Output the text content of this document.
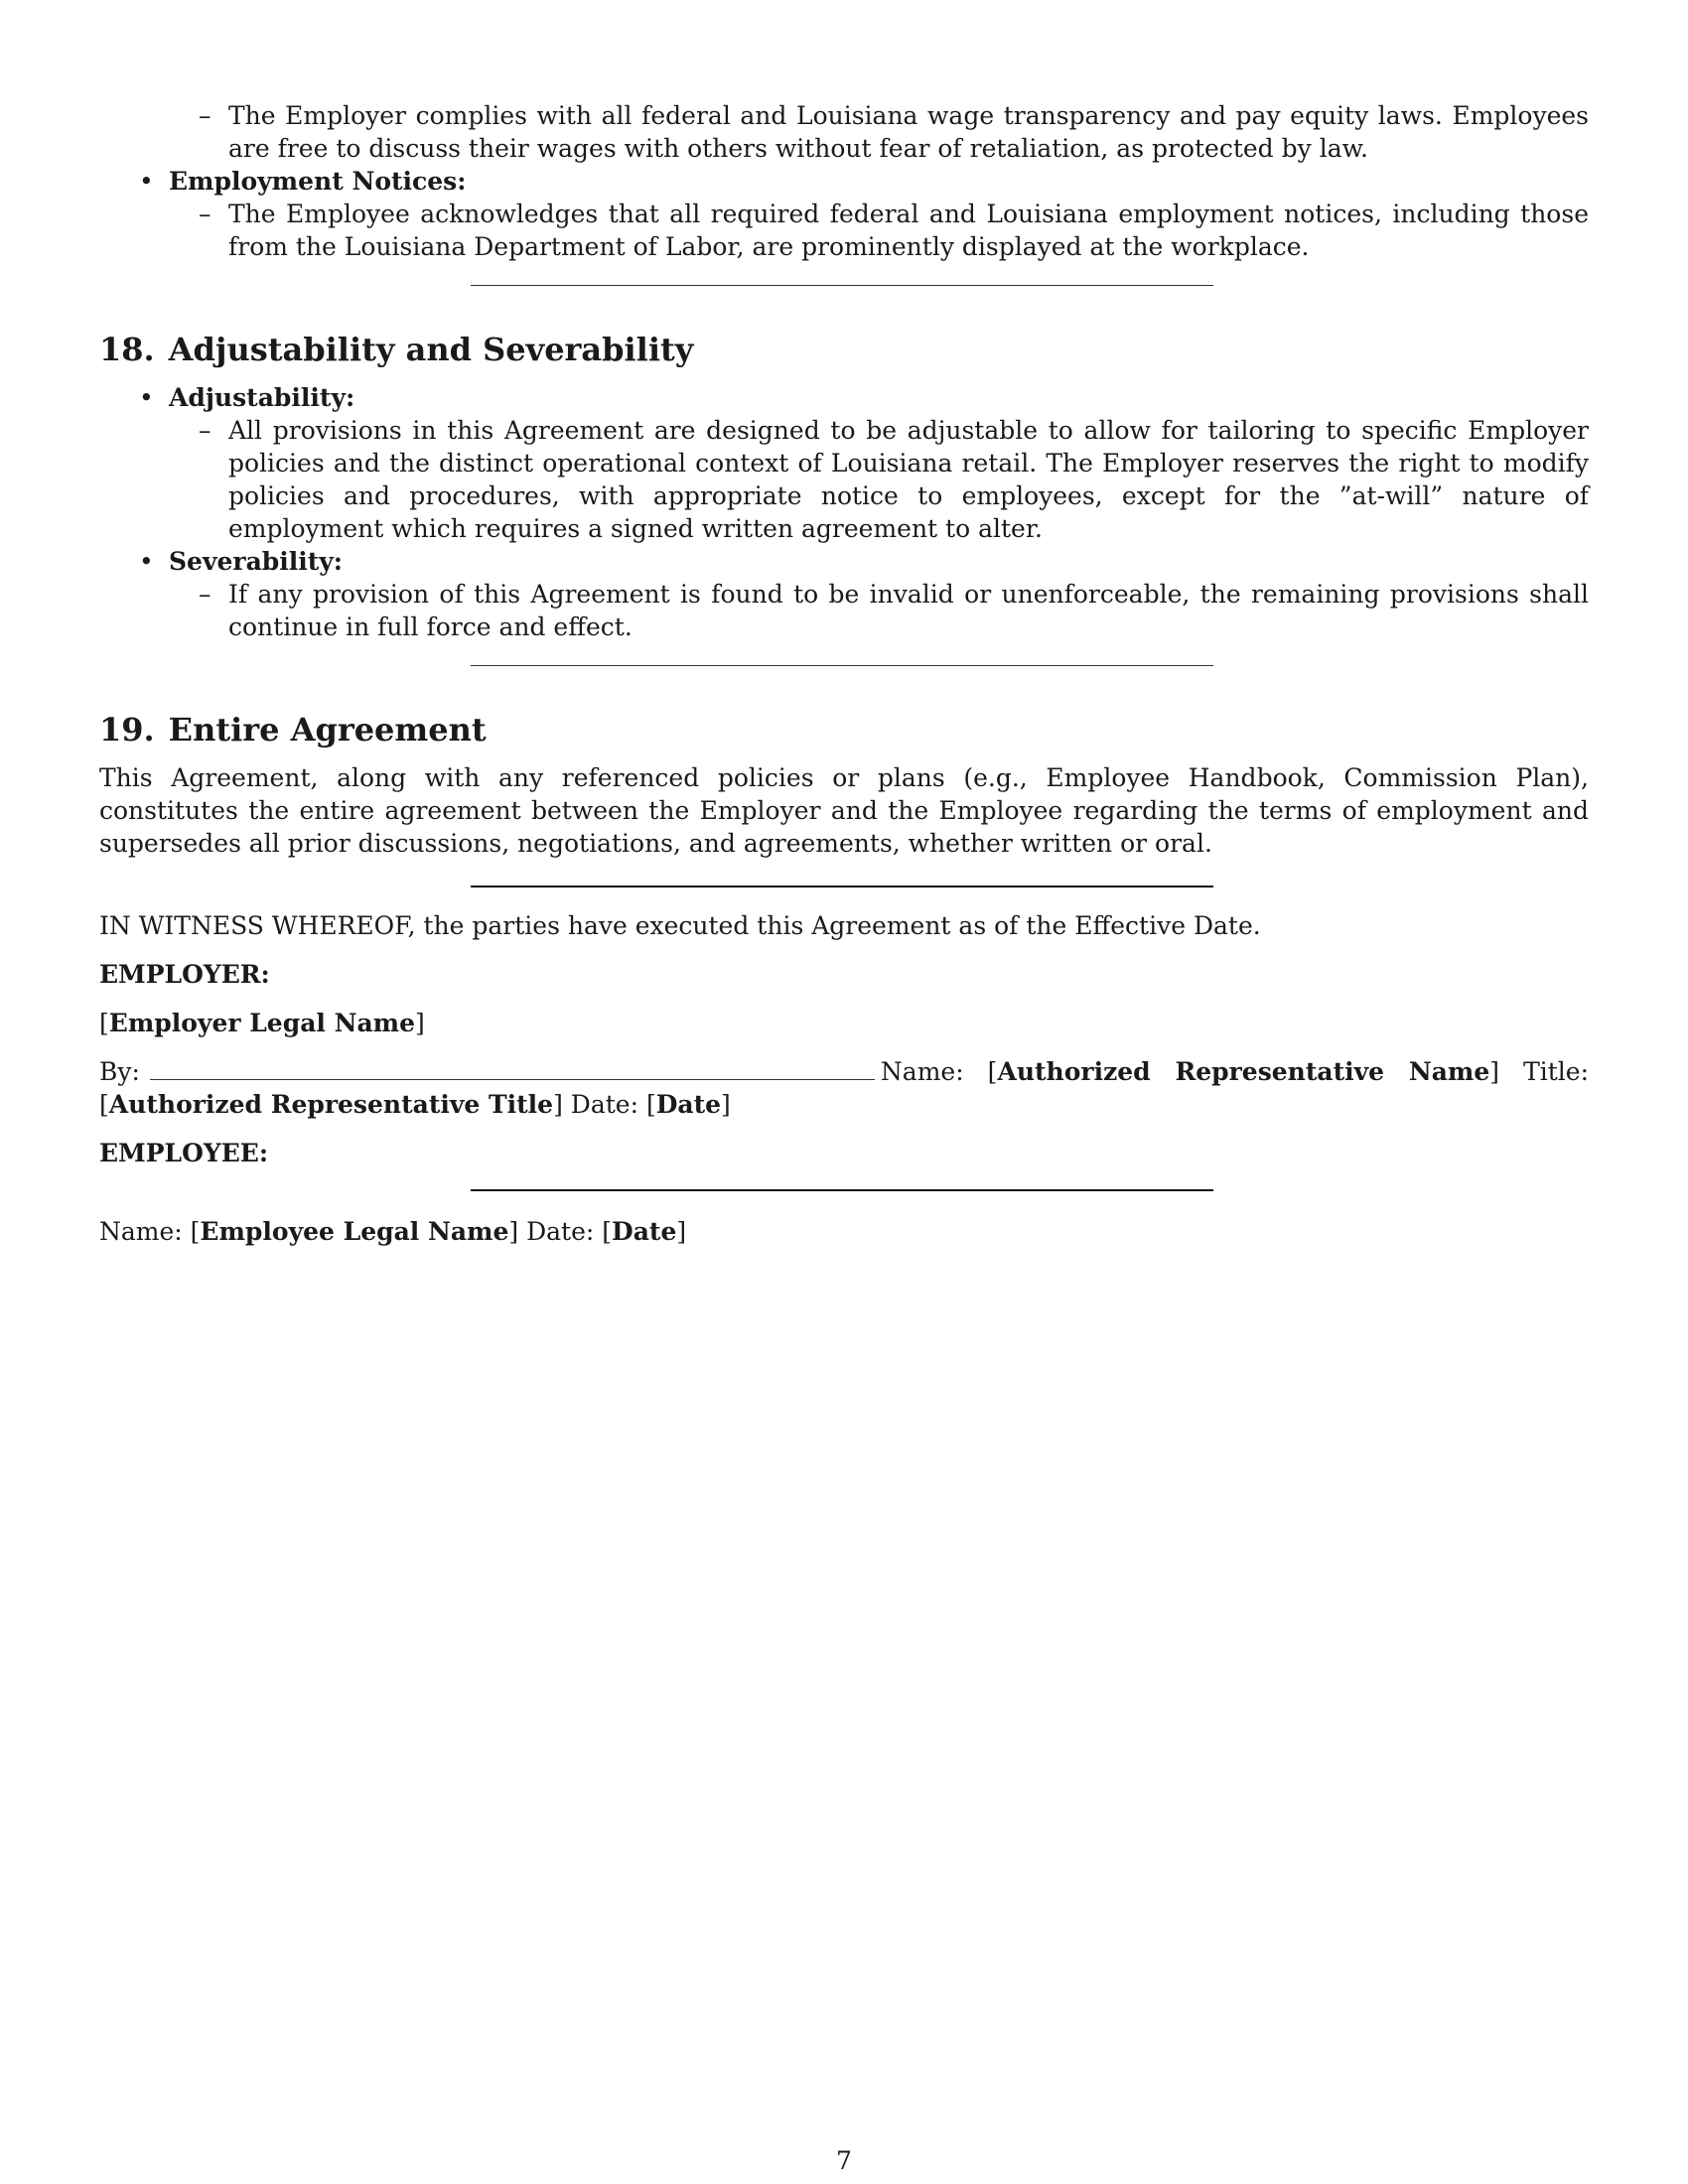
– The Employer complies with all federal and Louisiana wage transparency and pay equity laws. Employees are free to discuss their wages with others without fear of retaliation, as protected by law.
• Employment Notices:
– The Employee acknowledges that all required federal and Louisiana employment notices, including those from the Louisiana Department of Labor, are prominently displayed at the workplace.
18. Adjustability and Severability
• Adjustability:
– All provisions in this Agreement are designed to be adjustable to allow for tailoring to specific Employer policies and the distinct operational context of Louisiana retail. The Employer reserves the right to modify policies and procedures, with appropriate notice to employees, except for the ”at-will” nature of employment which requires a signed written agreement to alter.
• Severability:
– If any provision of this Agreement is found to be invalid or unenforceable, the remaining provisions shall continue in full force and effect.
19. Entire Agreement

This Agreement, along with any referenced policies or plans (e.g., Employee Handbook, Commission Plan), constitutes the entire agreement between the Employer and the Employee regarding the terms of employment and supersedes all prior discussions, negotiations, and agreements, whether written or oral.

IN WITNESS WHEREOF, the parties have executed this Agreement as of the Effective Date.

EMPLOYER:

[Employer Legal Name]

By:	Name: [Authorized Representative Name] Title: [Authorized Representative Title] Date: [Date]

EMPLOYEE:

Name: [Employee Legal Name] Date: [Date]

7
